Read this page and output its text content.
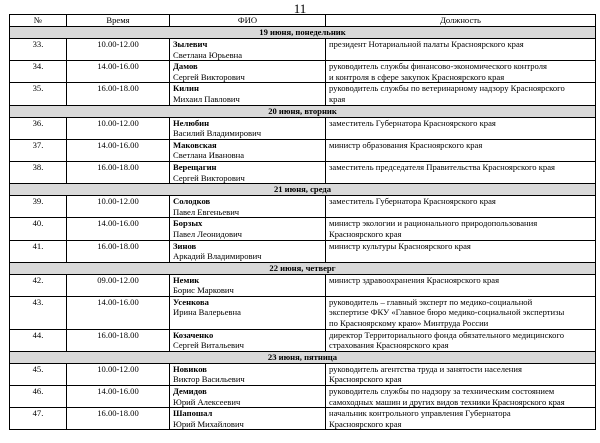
11
№	Время	ФИО	Должность
19 июня, понедельник			
33.	10.00-12.00	Зылевич
Светлана Юрьевна	президент Нотариальной палаты Красноярского края

34.	14.00-16.00	Дамов
Сергей Викторович	руководитель службы финансово-экономического контроля
и контроля в сфере закупок Красноярского края

35.	16.00-18.00	Килин
Михаил Павлович	руководитель службы по ветеринарному надзору Красноярского
края

20 июня, вторник			
36.	10.00-12.00	Нелюбин
Василий Владимирович	заместитель Губернатора Красноярского края

37.	14.00-16.00	Маковская
Светлана Ивановна	министр образования Красноярского края

38.	16.00-18.00	Верещагин
Сергей Викторович	заместитель председателя Правительства Красноярского края

21 июня, среда			
39.	10.00-12.00	Солодков
Павел Евгеньевич	заместитель Губернатора Красноярского края

40.	14.00-16.00	Борзых
Павел Леонидович	министр экологии и рационального природопользования
Красноярского края

41.	16.00-18.00	Зинов
Аркадий Владимирович	министр культуры Красноярского края

22 июня, четверг			
42.	09.00-12.00	Немик
Борис Маркович	министр здравоохранения Красноярского края

43.	14.00-16.00	Усенкова
Ирина Валерьевна	руководитель – главный эксперт по медико-социальной
экспертизе ФКУ «Главное бюро медико-социальной экспертизы
по Красноярскому краю» Минтруда России

44.	16.00-18.00	Козаченко
Сергей Витальевич	директор Территориального фонда обязательного медицинского
страхования Красноярского края

23 июня, пятница			
45.	10.00-12.00	Новиков
Виктор Васильевич	руководитель агентства труда и занятости населения
Красноярского края

46.	14.00-16.00	Демидов
Юрий Алексеевич	руководитель службы по надзору за техническим состоянием
самоходных машин и других видов техники Красноярского края

47.	16.00-18.00	Шапошал
Юрий Михайлович	начальник контрольного управления Губернатора
Красноярского края
